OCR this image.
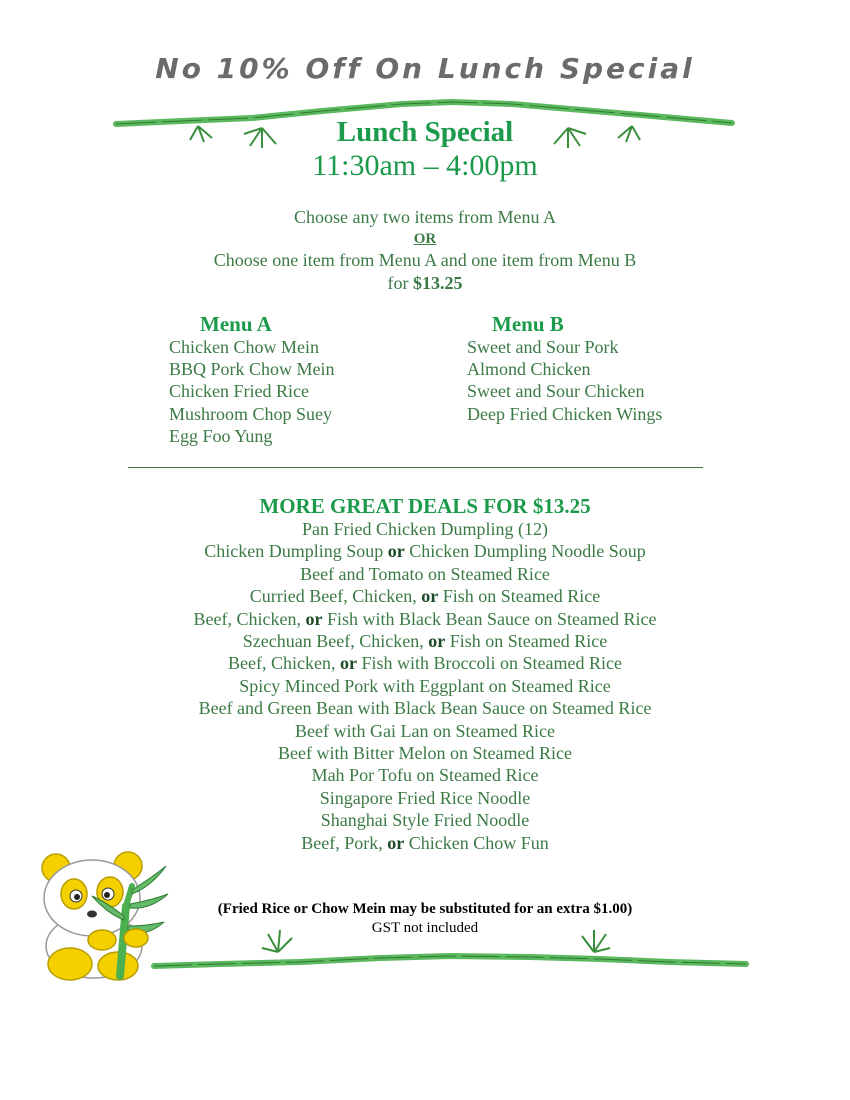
No 10% Off On Lunch Special
Lunch Special
11:30am – 4:00pm
Choose any two items from Menu A
OR
Choose one item from Menu A and one item from Menu B
for $13.25
Menu A	Menu B
Chicken Chow Mein
BBQ Pork Chow Mein
Chicken Fried Rice
Mushroom Chop Suey
Egg Foo Yung
Sweet and Sour Pork
Almond Chicken
Sweet and Sour Chicken
Deep Fried Chicken Wings
MORE GREAT DEALS FOR $13.25
Pan Fried Chicken Dumpling (12)
Chicken Dumpling Soup or Chicken Dumpling Noodle Soup
Beef and Tomato on Steamed Rice
Curried Beef, Chicken, or Fish on Steamed Rice
Beef, Chicken, or Fish with Black Bean Sauce on Steamed Rice
Szechuan Beef, Chicken, or Fish on Steamed Rice
Beef, Chicken, or Fish with Broccoli on Steamed Rice
Spicy Minced Pork with Eggplant on Steamed Rice
Beef and Green Bean with Black Bean Sauce on Steamed Rice
Beef with Gai Lan on Steamed Rice
Beef with Bitter Melon on Steamed Rice
Mah Por Tofu on Steamed Rice
Singapore Fried Rice Noodle
Shanghai Style Fried Noodle
Beef, Pork, or Chicken Chow Fun
(Fried Rice or Chow Mein may be substituted for an extra $1.00)
GST not included
